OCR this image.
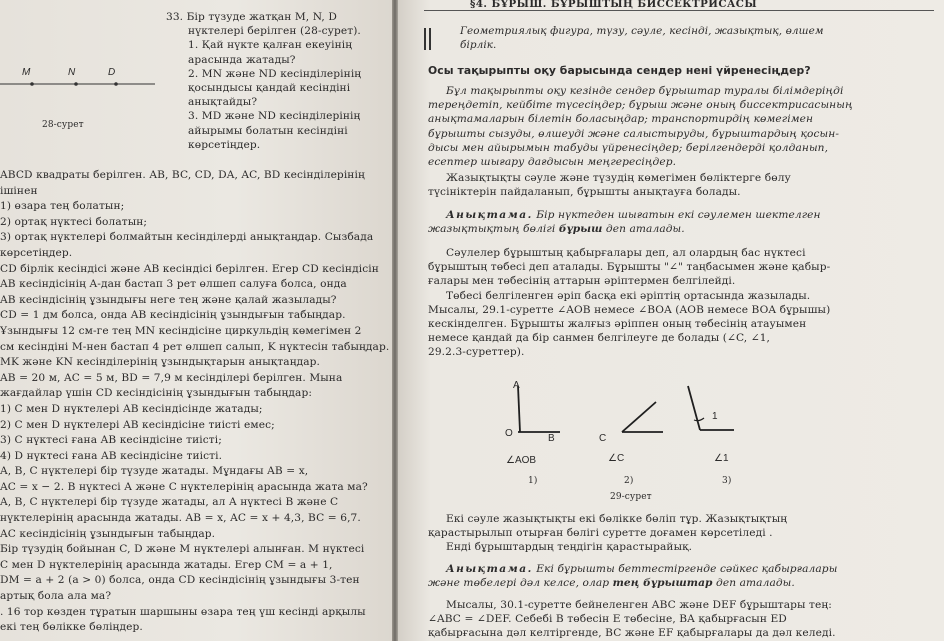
33. Бір түзуде жатқан M, N, D
нүктелері берілген (28-сурет).
1. Қай нүкте қалған екеуінің
арасында жатады?
2. MN және ND кесінділерінің
қосындысы қандай кесіндіні
анықтайды?
3. MD және ND кесінділерінің
айырымы болатын кесіндіні
көрсетіңдер.
M	N	D
28-сурет
ABCD квадраты берілген. AB, BC, CD, DA, AC, BD кесінділерінің
ішінен
1) өзара тең болатын;
2) ортақ нүктесі болатын;
3) ортақ нүктелері болмайтын кесінділерді анықтаңдар. Сызбада
көрсетіңдер.
CD бірлік кесіндісі және AB кесіндісі берілген. Егер CD кесіндісін
AB кесіндісінің A-дан бастап 3 рет өлшеп салуға болса, онда
AB кесіндісінің ұзындығы неге тең және қалай жазылады?
CD = 1 дм болса, онда AB кесіндісінің ұзындығын табыңдар.
Ұзындығы 12 см-ге тең MN кесіндісіне циркульдің көмегімен 2
см кесіндіні M-нен бастап 4 рет өлшеп салып, K нүктесін табыңдар.
MK және KN кесінділерінің ұзындықтарын анықтаңдар.
AB = 20 м, AC = 5 м, BD = 7,9 м кесінділері берілген. Мына
жағдайлар үшін CD кесіндісінің ұзындығын табыңдар:
1) C мен D нүктелері AB кесіндісінде жатады;
2) C мен D нүктелері AB кесіндісіне тиісті емес;
3) C нүктесі ғана AB кесіндісіне тиісті;
4) D нүктесі ғана AB кесіндісіне тиісті.
A, B, C нүктелері бір түзуде жатады. Мұндағы AB = x,
AC = x − 2. B нүктесі A және C нүктелерінің арасында жата ма?
A, B, C нүктелері бір түзуде жатады, ал A нүктесі B және C
нүктелерінің арасында жатады. AB = x, AC = x + 4,3, BC = 6,7.
AC кесіндісінің ұзындығын табыңдар.
Бір түзудің бойынан C, D және M нүктелері алынған. M нүктесі
C мен D нүктелерінің арасында жатады. Егер CM = a + 1,
DM = a + 2 (a > 0) болса, онда CD кесіндісінің ұзындығы 3-тен
артық бола ала ма?
. 16 тор көзден тұратын шаршыны өзара тең үш кесінді арқылы
екі тең бөлікке бөліңдер.
§4. БҰРЫШ. БҰРЫШТЫҢ БИССЕКТРИСАСЫ
Геометриялық фигура, түзу, сәуле, кесінді, жазықтық, өлшем
бірлік.
Осы тақырыпты оқу барысында сендер нені үйренесіңдер?
Бұл тақырыпты оқу кезінде сендер бұрыштар туралы білімдеріңді
тереңдетіп, кейбіте түсесіңдер; бұрыш және оның биссектрисасының
анықтамаларын білетін боласыңдар; транспортирдің көмегімен
бұрышты сызуды, өлшеуді және салыстыруды, бұрыштардың қосын-
дысы мен айырымын табуды үйренесіңдер; берілгендерді қолданып,
есептер шығару дағдысын меңгересіңдер.
Жазықтықты сәуле және түзудің көмегімен бөліктерге бөлу
түсініктерін пайдаланып, бұрышты анықтауға болады.
Анықтама. Бір нүктеден шығатын екі сәулемен шектелген
жазықтықтың бөлігі бұрыш деп аталады.
Сәулелер бұрыштың қабырғалары деп, ал олардың бас нүктесі
бұрыштың төбесі деп аталады. Бұрышты "∠" таңбасымен және қабыр-
ғалары мен төбесінің аттарын әріптермен белгілейді.
Төбесі белгіленген әріп басқа екі әріптің ортасында жазылады.
Мысалы, 29.1-суретте ∠AOB немесе ∠BOA (AOB немесе BOA бұрышы)
кескінделген. Бұрышты жалғыз әріппен оның төбесінің атауымен
немесе қандай да бір санмен белгілеуге де болады (∠C, ∠1,
29.2.3-суреттер).
A
O	B	C
1
∠AOB	∠C	∠1
1)	2)	3)
29-сурет
Екі сәуле жазықтықты екі бөлікке бөліп тұр. Жазықтықтың
қарастырылып отырған бөлігі суретте доғамен көрсетіледі .
Енді бұрыштардың теңдігін қарастырайық.
Анықтама. Екі бұрышты беттестіргенде сәйкес қабырғалары
және төбелері дәл келсе, олар тең бұрыштар деп аталады.
Мысалы, 30.1-суретте бейнеленген ABC және DEF бұрыштары тең:
∠ABC = ∠DEF. Себебі B төбесін E төбесіне, BA қабырғасын ED
қабырғасына дәл келтіргенде, BC және EF қабырғалары да дәл келеді.
